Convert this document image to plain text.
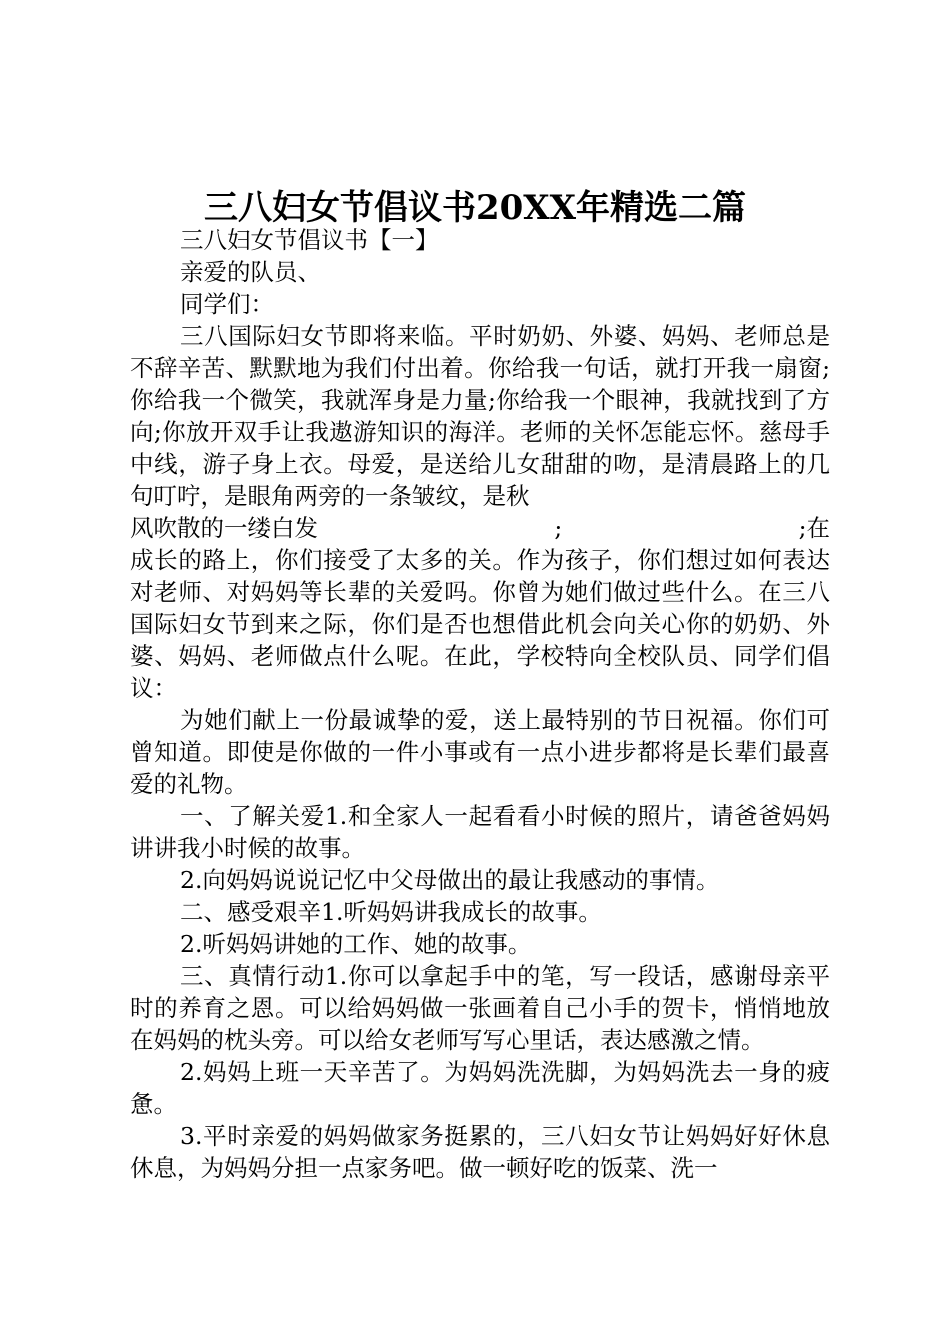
三八妇女节倡议书20XX年精选二篇

三八妇女节倡议书【一】

亲爱的队员、

同学们：

三八国际妇女节即将来临。平时奶奶、外婆、妈妈、老师总是不辞辛苦、默默地为我们付出着。你给我一句话，就打开我一扇窗;你给我一个微笑，我就浑身是力量;你给我一个眼神，我就找到了方向;你放开双手让我遨游知识的海洋。老师的关怀怎能忘怀。慈母手中线，游子身上衣。母爱，是送给儿女甜甜的吻，是清晨路上的几句叮咛，是眼角两旁的一条皱纹，是秋

风吹散的一缕白发	;	;在

成长的路上，你们接受了太多的关。作为孩子，你们想过如何表达对老师、对妈妈等长辈的关爱吗。你曾为她们做过些什么。在三八国际妇女节到来之际，你们是否也想借此机会向关心你的奶奶、外婆、妈妈、老师做点什么呢。在此，学校特向全校队员、同学们倡议：

为她们献上一份最诚挚的爱，送上最特别的节日祝福。你们可曾知道。即使是你做的一件小事或有一点小进步都将是长辈们最喜爱的礼物。

一、了解关爱1.和全家人一起看看小时候的照片，请爸爸妈妈讲讲我小时候的故事。

2.向妈妈说说记忆中父母做出的最让我感动的事情。

二、感受艰辛1.听妈妈讲我成长的故事。

2.听妈妈讲她的工作、她的故事。

三、真情行动1.你可以拿起手中的笔，写一段话，感谢母亲平时的养育之恩。可以给妈妈做一张画着自己小手的贺卡，悄悄地放在妈妈的枕头旁。可以给女老师写写心里话，表达感激之情。

2.妈妈上班一天辛苦了。为妈妈洗洗脚，为妈妈洗去一身的疲惫。

3.平时亲爱的妈妈做家务挺累的，三八妇女节让妈妈好好休息休息，为妈妈分担一点家务吧。做一顿好吃的饭菜、洗一
